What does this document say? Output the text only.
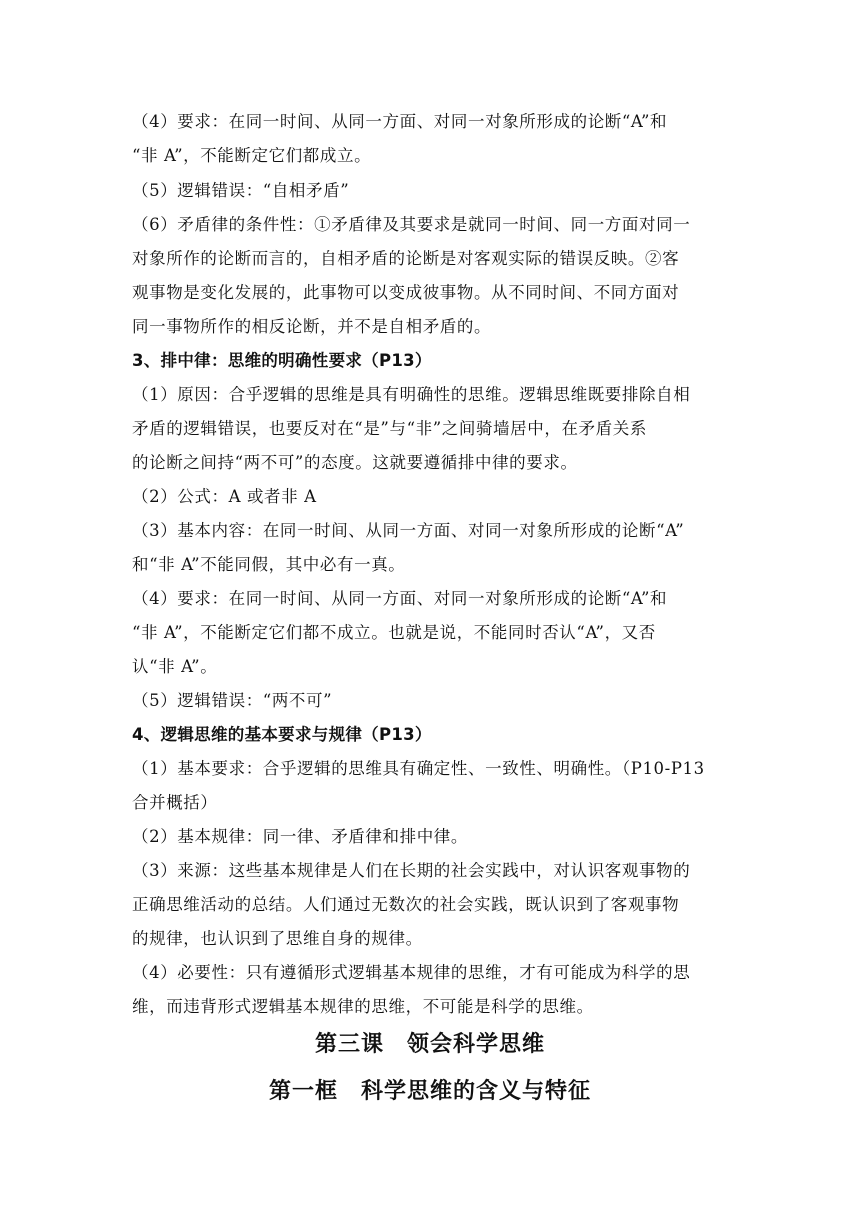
（4）要求：在同一时间、从同一方面、对同一对象所形成的论断“A”和
“非 A”，不能断定它们都成立。
（5）逻辑错误：“自相矛盾”
（6）矛盾律的条件性：①矛盾律及其要求是就同一时间、同一方面对同一
对象所作的论断而言的，自相矛盾的论断是对客观实际的错误反映。②客
观事物是变化发展的，此事物可以变成彼事物。从不同时间、不同方面对
同一事物所作的相反论断，并不是自相矛盾的。
3、排中律：思维的明确性要求（P13）
（1）原因：合乎逻辑的思维是具有明确性的思维。逻辑思维既要排除自相
矛盾的逻辑错误，也要反对在“是”与“非”之间骑墙居中，在矛盾关系
的论断之间持“两不可”的态度。这就要遵循排中律的要求。
（2）公式：A 或者非 A
（3）基本内容：在同一时间、从同一方面、对同一对象所形成的论断“A”
和“非 A”不能同假，其中必有一真。
（4）要求：在同一时间、从同一方面、对同一对象所形成的论断“A”和
“非 A”，不能断定它们都不成立。也就是说，不能同时否认“A”，又否
认“非 A”。
（5）逻辑错误：“两不可”
4、逻辑思维的基本要求与规律（P13）
（1）基本要求：合乎逻辑的思维具有确定性、一致性、明确性。（P10-P13
合并概括）
（2）基本规律：同一律、矛盾律和排中律。
（3）来源：这些基本规律是人们在长期的社会实践中，对认识客观事物的
正确思维活动的总结。人们通过无数次的社会实践，既认识到了客观事物
的规律，也认识到了思维自身的规律。
（4）必要性：只有遵循形式逻辑基本规律的思维，才有可能成为科学的思
维，而违背形式逻辑基本规律的思维，不可能是科学的思维。
第三课　领会科学思维
第一框　科学思维的含义与特征
